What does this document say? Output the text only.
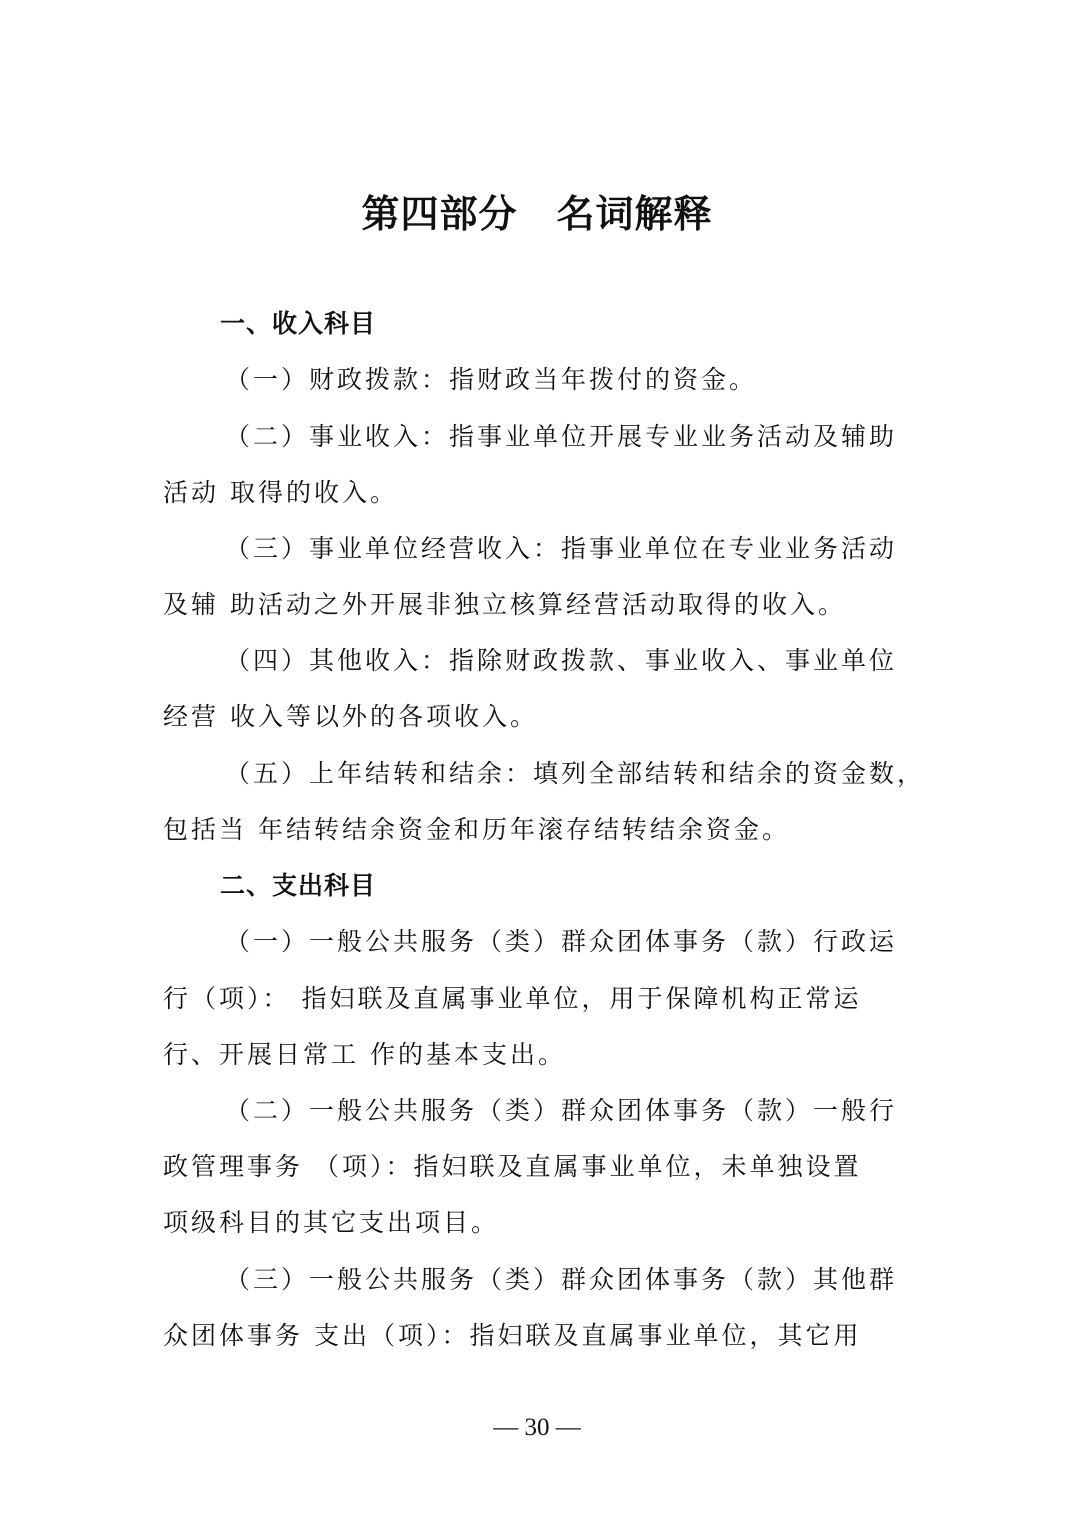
第四部分　名词解释
一、收入科目
（一）财政拨款：指财政当年拨付的资金。
（二）事业收入：指事业单位开展专业业务活动及辅助
活动 取得的收入。
（三）事业单位经营收入：指事业单位在专业业务活动
及辅 助活动之外开展非独立核算经营活动取得的收入。
（四）其他收入：指除财政拨款、事业收入、事业单位
经营 收入等以外的各项收入。
（五）上年结转和结余：填列全部结转和结余的资金数，
包括当 年结转结余资金和历年滚存结转结余资金。
二、支出科目
（一）一般公共服务（类）群众团体事务（款）行政运
行（项）： 指妇联及直属事业单位，用于保障机构正常运
行、开展日常工 作的基本支出。
（二）一般公共服务（类）群众团体事务（款）一般行
政管理事务 （项）：指妇联及直属事业单位，未单独设置
项级科目的其它支出项目。
（三）一般公共服务（类）群众团体事务（款）其他群
众团体事务 支出（项）：指妇联及直属事业单位，其它用
— 30 —
